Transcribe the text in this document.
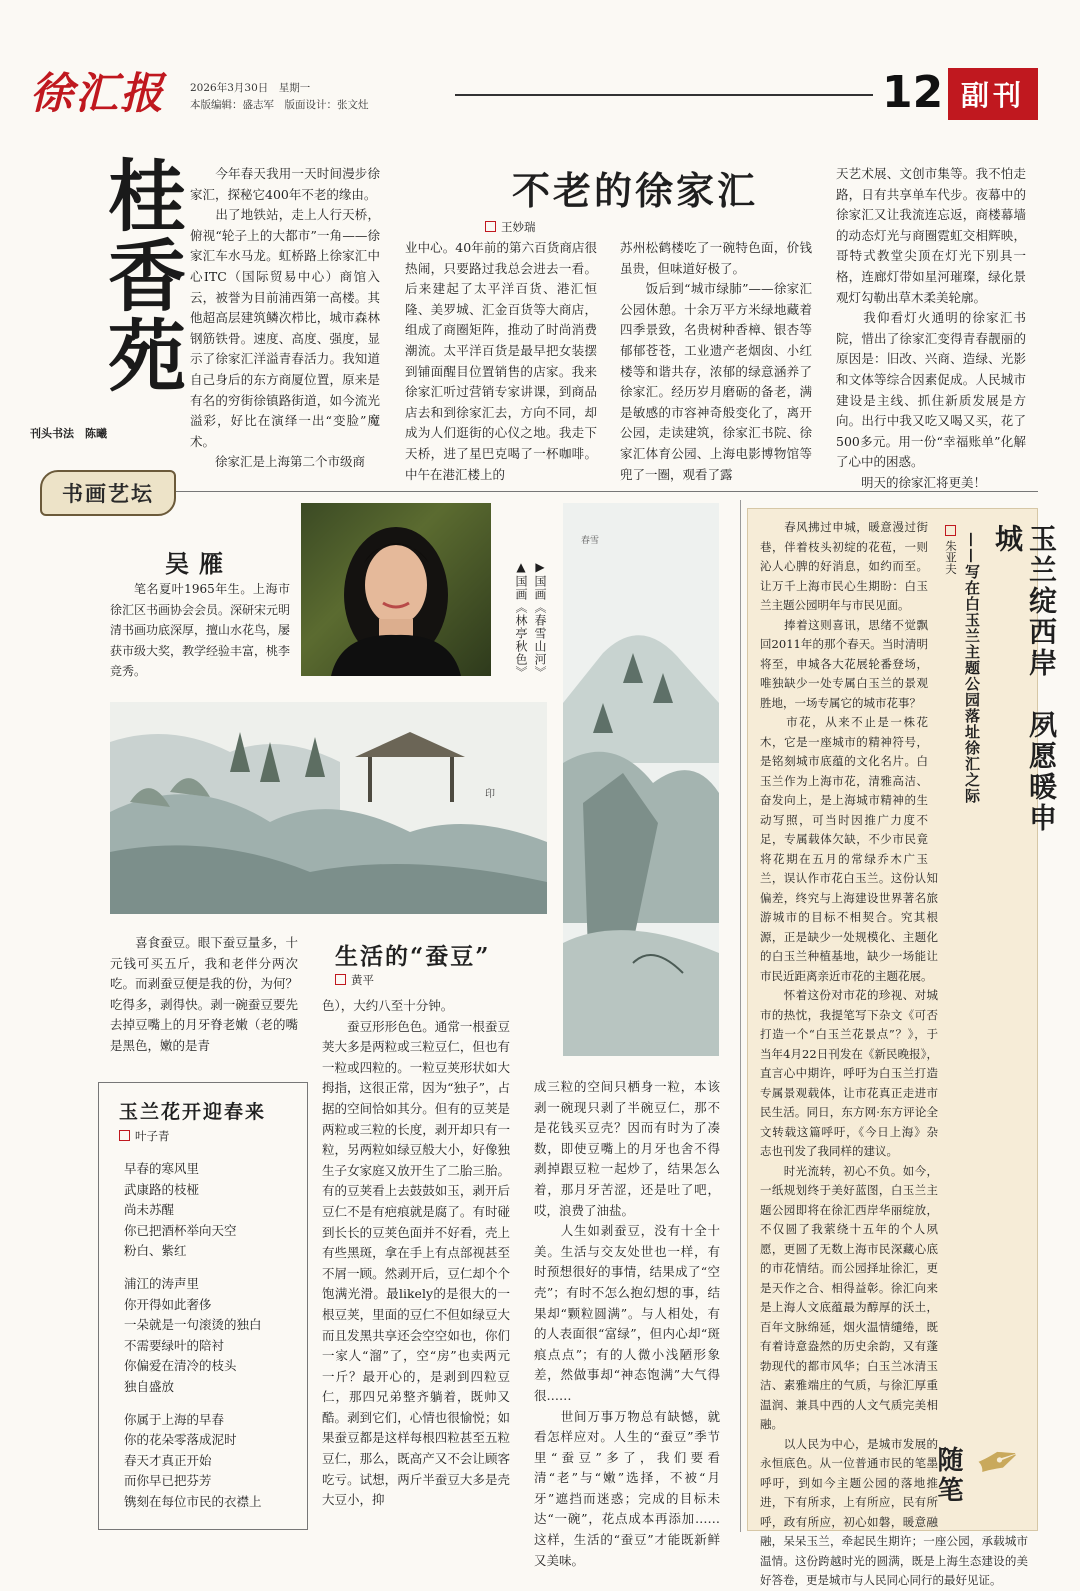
徐汇报	2026年3月30日　星期一
本版编辑：盛志军　版面设计：张文灶	12 副刊
桂香苑
刊头书法　 陈曦
不老的徐家汇
王妙瑞
　　今年春天我用一天时间漫步徐家汇，探秘它400年不老的缘由。
　　出了地铁站，走上人行天桥，俯视“轮子上的大都市”一角——徐家汇车水马龙。虹桥路上徐家汇中心ITC（国际贸易中心）商馆入云，被誉为目前浦西第一高楼。其他超高层建筑鳞次栉比，城市森林钢筋铁骨。速度、高度、强度，显示了徐家汇洋溢青春活力。我知道自己身后的东方商厦位置，原来是有名的穷街徐镇路街道，如今流光溢彩，好比在演绎一出“变脸”魔术。
　　徐家汇是上海第二个市级商
业中心。40年前的第六百货商店很热闹，只要路过我总会进去一看。后来建起了太平洋百货、港汇恒隆、美罗城、汇金百货等大商店，组成了商圈矩阵，推动了时尚消费潮流。太平洋百货是最早把女装摆到铺面醒目位置销售的店家。我来徐家汇听过营销专家讲课，到商品店去和到徐家汇去，方向不同，却成为人们逛街的心仪之地。我走下天桥，进了星巴克喝了一杯咖啡。中午在港汇楼上的
苏州松鹤楼吃了一碗特色面，价钱虽贵，但味道好极了。
　　饭后到“城市绿肺”——徐家汇公园休憩。十余万平方米绿地藏着四季景致，名贵树种香樟、银杏等郁郁苍苍，工业遗产老烟囱、小红楼等和谐共存，浓郁的绿意涵养了徐家汇。经历岁月磨砺的备老，满是敏感的市容神奇般变化了，离开公园，走读建筑，徐家汇书院、徐家汇体育公园、上海电影博物馆等兜了一圈，观看了露
天艺术展、文创市集等。我不怕走路，日有共享单车代步。夜幕中的徐家汇又让我流连忘返，商楼幕墙的动态灯光与商圈霓虹交相辉映，哥特式教堂尖顶在灯光下别具一格，连廊灯带如星河璀璨，绿化景观灯勾勒出草木柔美轮廓。
　　我仰看灯火通明的徐家汇书院，惜出了徐家汇变得青春靓丽的原因是：旧改、兴商、造绿、光影和文体等综合因素促成。人民城市建设是主线、抓住新质发展是方向。出行中我又吃又喝又买，花了500多元。用一份“幸福账单”化解了心中的困惑。
　　明天的徐家汇将更美！
书画艺坛
吴雁
笔名夏叶1965年生。上海市徐汇区书画协会会员。深研宋元明清书画功底深厚，擅山水花鸟，屡获市级大奖，教学经验丰富，桃李竞秀。	▲国画《林亭秋色》 ▶国画《春雪山河》
印
春雪
　　喜食蚕豆。眼下蚕豆量多，十元钱可买五斤，我和老伴分两次吃。而剥蚕豆便是我的份，为何？吃得多，剥得快。剥一碗蚕豆要先去掉豆嘴上的月牙脊老嫩（老的嘴是黑色，嫩的是青
生活的“蚕豆”
黄平
色），大约八至十分钟。
　　蚕豆形形色色。通常一根蚕豆荚大多是两粒或三粒豆仁，但也有一粒或四粒的。一粒豆荚形状如大拇指，这很正常，因为“独子”，占据的空间恰如其分。但有的豆荚是两粒或三粒的长度，剥开却只有一粒，另两粒如绿豆般大小，好像独生子女家庭又放开生了二胎三胎。有的豆荚看上去鼓鼓如玉，剥开后豆仁不是有疤痕就是腐了。有时碰到长长的豆荚色面并不好看，壳上有些黑斑，拿在手上有点部视甚至不屑一顾。然剥开后，豆仁却个个饱满光滑。最likely的是很大的一根豆荚，里面的豆仁不但如绿豆大而且发黑共享还会空空如也，你们一家人“溜”了，空“房”也卖两元一斤？最开心的，是剥到四粒豆仁，那四兄弟整齐躺着，既帅又酷。剥到它们，心情也很愉悦；如果蚕豆都是这样每根四粒甚至五粒豆仁，那么，既高产又不会让顾客吃亏。试想，两斤半蚕豆大多是壳大豆小，抑
成三粒的空间只栖身一粒，本该剥一碗现只剥了半碗豆仁，那不是花钱买豆壳？因而有时为了凑数，即使豆嘴上的月牙也舍不得剥掉跟豆粒一起炒了，结果怎么着，那月牙苦涩，还是吐了吧，哎，浪费了油盐。
　　人生如剥蚕豆，没有十全十美。生活与交友处世也一样，有时预想很好的事情，结果成了“空壳”；有时不怎么抱幻想的事，结果却“颗粒圆满”。与人相处，有的人表面很“富绿”，但内心却“斑痕点点”；有的人微小浅陋形象差，然做事却“神态饱满”大气得很……
　　世间万事万物总有缺憾，就看怎样应对。人生的“蚕豆”季节里“蚕豆”多了，我们要看清“老”与“嫩”选择，不被“月牙”遮挡而迷惑；完成的目标未达“一碗”，花点成本再添加……这样，生活的“蚕豆”才能既新鲜又美味。
玉兰花开迎春来
叶子青
早春的寒风里
武康路的枝桠
尚未苏醒
你已把酒杯举向天空
粉白、紫红
浦江的涛声里
你开得如此奢侈
一朵就是一句滚烫的独白
不需要绿叶的陪衬
你偏爱在清冷的枝头
独自盛放
你属于上海的早春
你的花朵零落成泥时
春天才真正开始
而你早已把芬芳
镌刻在每位市民的衣襟上
玉兰绽西岸　夙愿暖申城
——写在白玉兰主题公园落址徐汇之际
朱亚夫
　　春风拂过申城，暖意漫过街巷，伴着枝头初绽的花苞，一则沁人心脾的好消息，如约而至。让万千上海市民心生期盼：白玉兰主题公园明年与市民见面。
　　捧着这则喜讯，思绪不觉飘回2011年的那个春天。当时清明将至，申城各大花展轮番登场，唯独缺少一处专属白玉兰的景观胜地，一场专属它的城市花事？
　　市花，从来不止是一株花木，它是一座城市的精神符号，是铭刻城市底蕴的文化名片。白玉兰作为上海市花，清雅高洁、奋发向上，是上海城市精神的生动写照，可当时因推广力度不足，专属载体欠缺，不少市民竟将花期在五月的常绿乔木广玉兰，误认作市花白玉兰。这份认知偏差，终究与上海建设世界著名旅游城市的目标不相契合。究其根源，正是缺少一处规模化、主题化的白玉兰种植基地，缺少一场能让市民近距离亲近市花的主题花展。
　　怀着这份对市花的珍视、对城市的热忱，我提笔写下杂文《可否打造一个“白玉兰花景点”？》，于当年4月22日刊发在《新民晚报》，直言心中期许，呼吁为白玉兰打造专属景观载体，让市花真正走进市民生活。同日，东方网·东方评论全文转载这篇呼吁，《今日上海》杂志也刊发了我同样的建议。
　　时光流转，初心不负。如今，一纸规划终于美好蓝图，白玉兰主题公园即将在徐汇西岸华丽绽放，不仅圆了我萦绕十五年的个人夙愿，更圆了无数上海市民深藏心底的市花情结。而公园择址徐汇，更是天作之合、相得益彰。徐汇向来是上海人文底蕴最为醇厚的沃土，百年文脉绵延，烟火温情缱绻，既有着诗意盎然的历史余韵，又有蓬勃现代的都市风华；白玉兰冰清玉洁、素雅端庄的气质，与徐汇厚重温润、兼具中西的人文气质完美相融。
　　以人民为中心，是城市发展的永恒底色。从一位普通市民的笔墨呼吁，到如今主题公园的落地推进，下有所求，上有所应，民有所呼，政有所应，初心如磐，暖意融融，呆呆玉兰，牵起民生期许；一座公园，承载城市温情。这份跨越时光的圆满，既是上海生态建设的美好答卷，更是城市与人民同心同行的最好见证。
✒
随笔
